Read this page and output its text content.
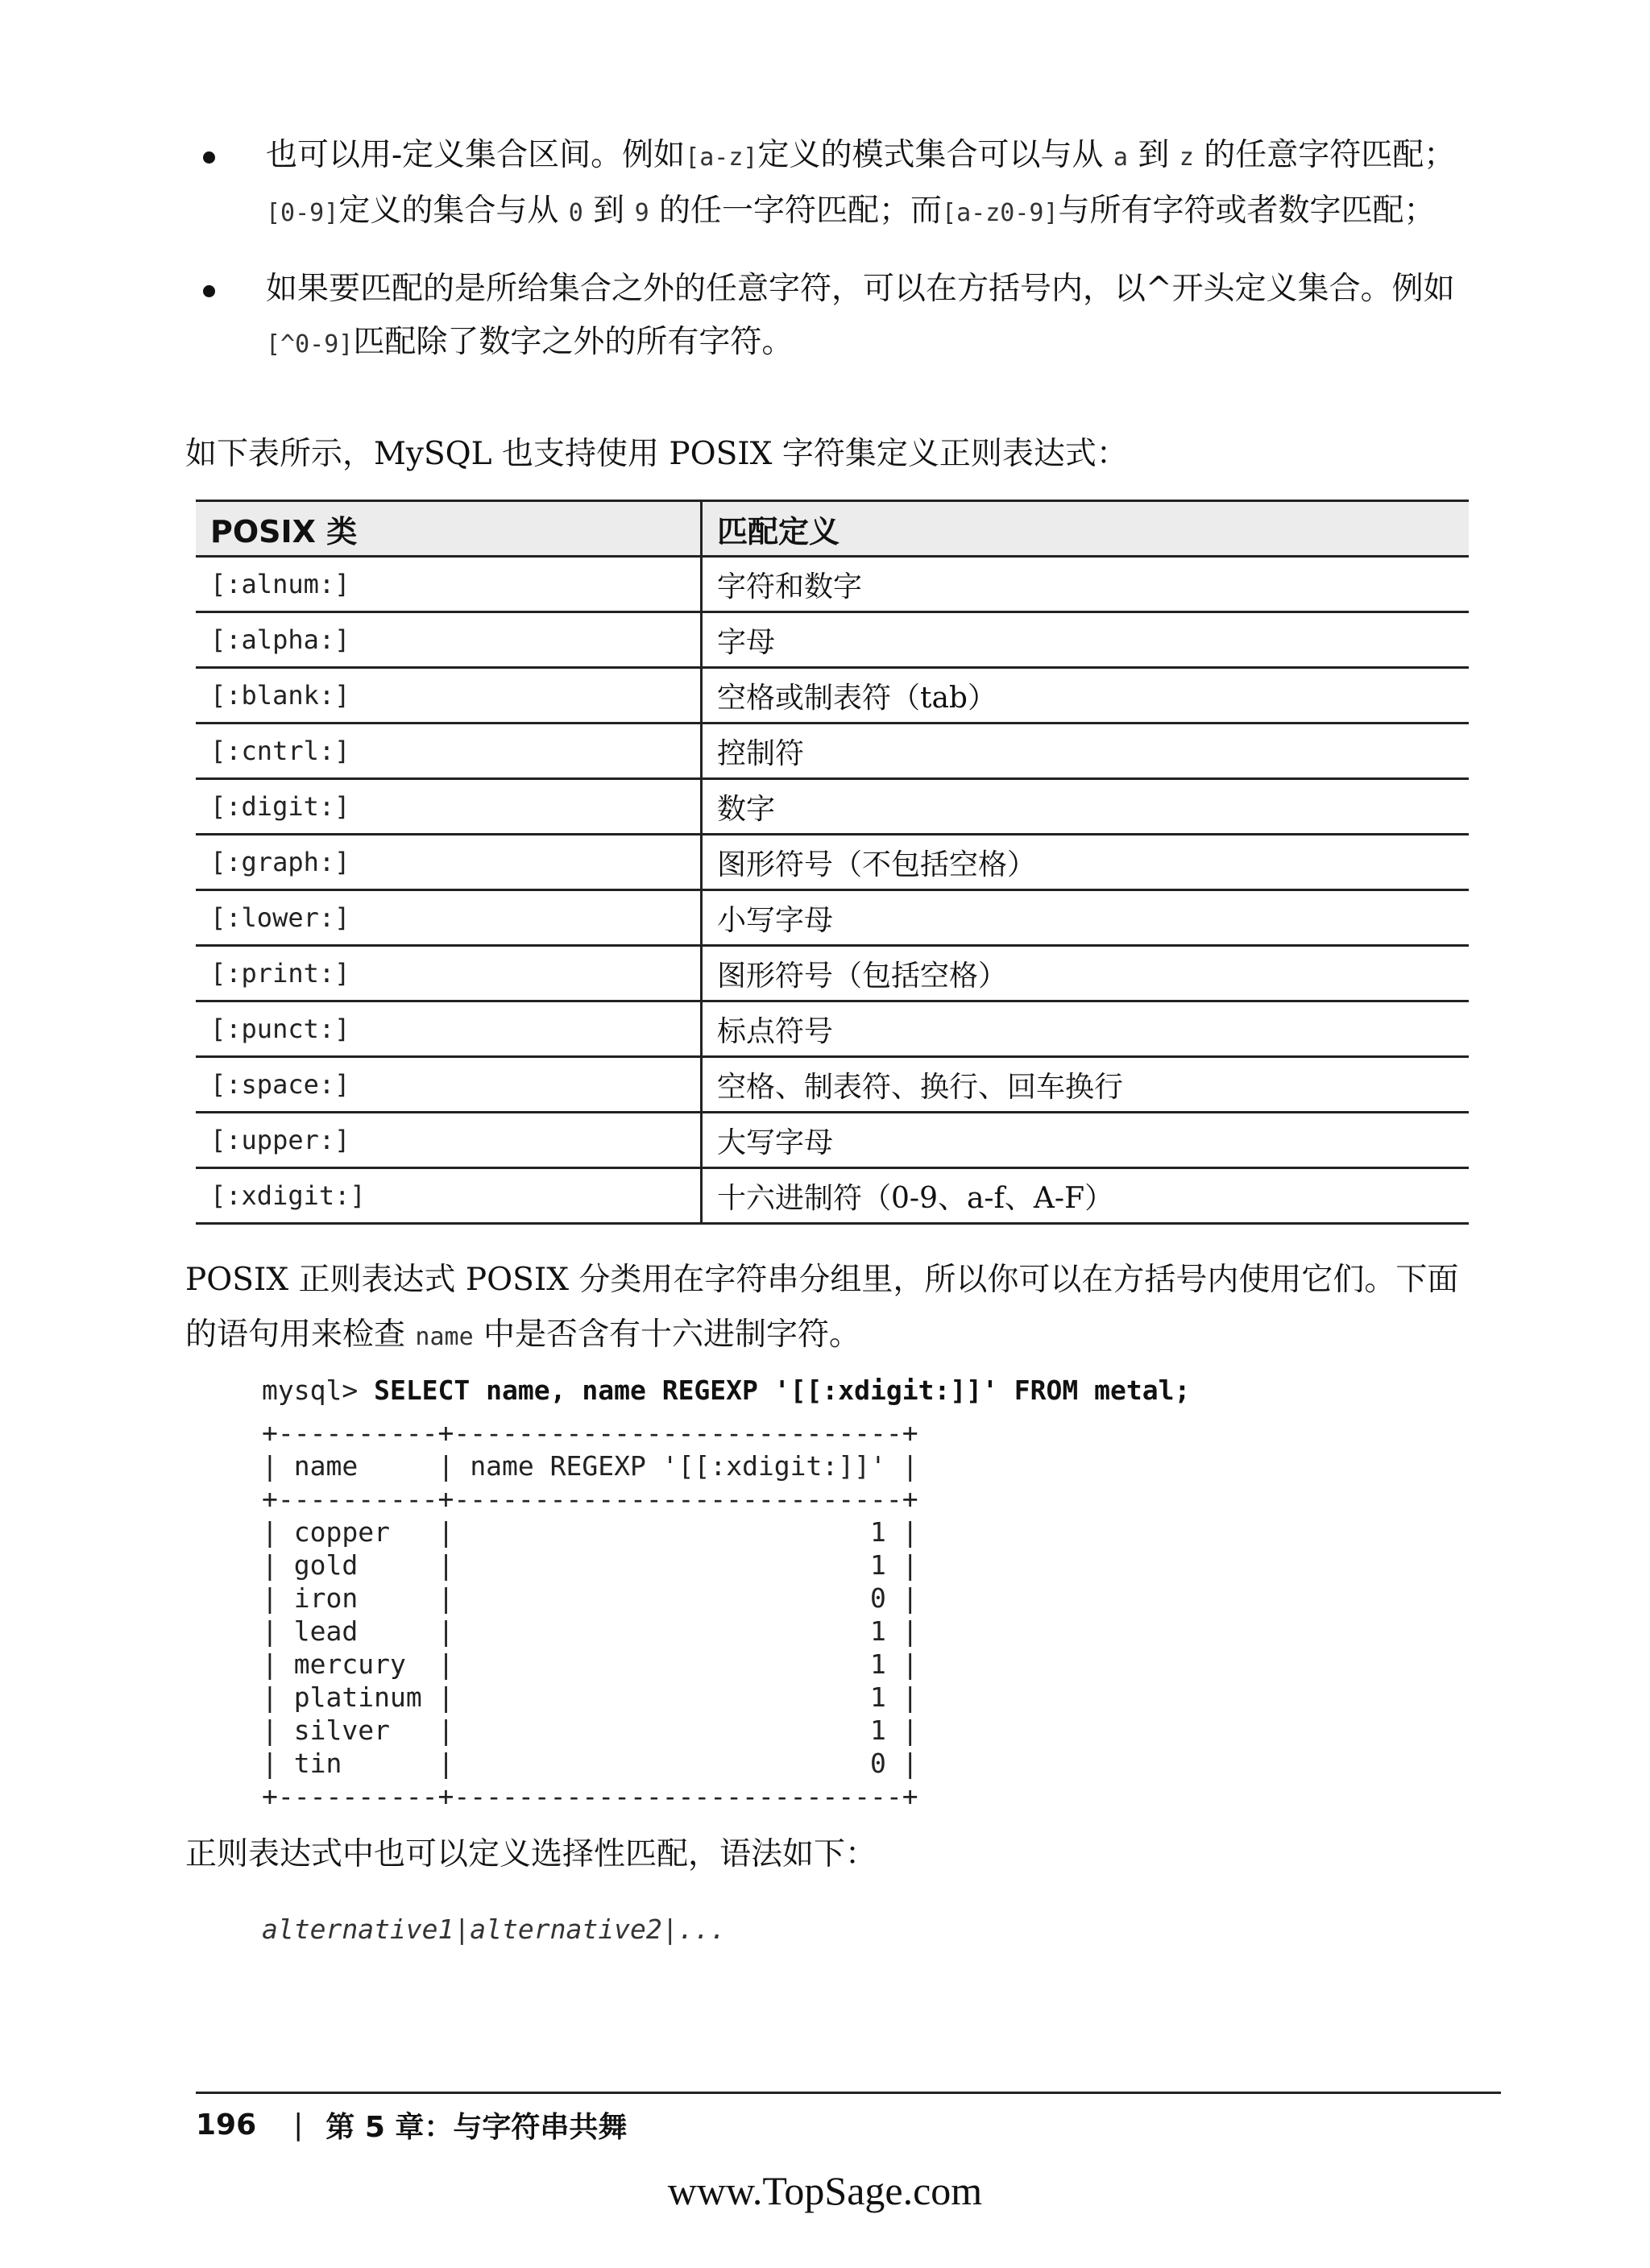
也可以用-定义集合区间。例如[a-z]定义的模式集合可以与从 a 到 z 的任意字符匹配；[0-9]定义的集合与从 0 到 9 的任一字符匹配；而[a-z0-9]与所有字符或者数字匹配；
如果要匹配的是所给集合之外的任意字符，可以在方括号内，以^开头定义集合。例如[^0-9]匹配除了数字之外的所有字符。
如下表所示，MySQL 也支持使用 POSIX 字符集定义正则表达式：
POSIX 类	匹配定义
[:alnum:]	字符和数字
[:alpha:]	字母
[:blank:]	空格或制表符（tab）
[:cntrl:]	控制符
[:digit:]	数字
[:graph:]	图形符号（不包括空格）
[:lower:]	小写字母
[:print:]	图形符号（包括空格）
[:punct:]	标点符号
[:space:]	空格、制表符、换行、回车换行
[:upper:]	大写字母
[:xdigit:]	十六进制符（0-9、a-f、A-F）
POSIX 正则表达式 POSIX 分类用在字符串分组里，所以你可以在方括号内使用它们。下面的语句用来检查 name 中是否含有十六进制字符。
mysql> SELECT name, name REGEXP '[[:xdigit:]]' FROM metal;
+----------+----------------------------+
| name     | name REGEXP '[[:xdigit:]]' |
+----------+----------------------------+
| copper   |                          1 |
| gold     |                          1 |
| iron     |                          0 |
| lead     |                          1 |
| mercury  |                          1 |
| platinum |                          1 |
| silver   |                          1 |
| tin      |                          0 |
+----------+----------------------------+

正则表达式中也可以定义选择性匹配，语法如下：
alternative1|alternative2|...
196 | 第 5 章：与字符串共舞
www.TopSage.com
